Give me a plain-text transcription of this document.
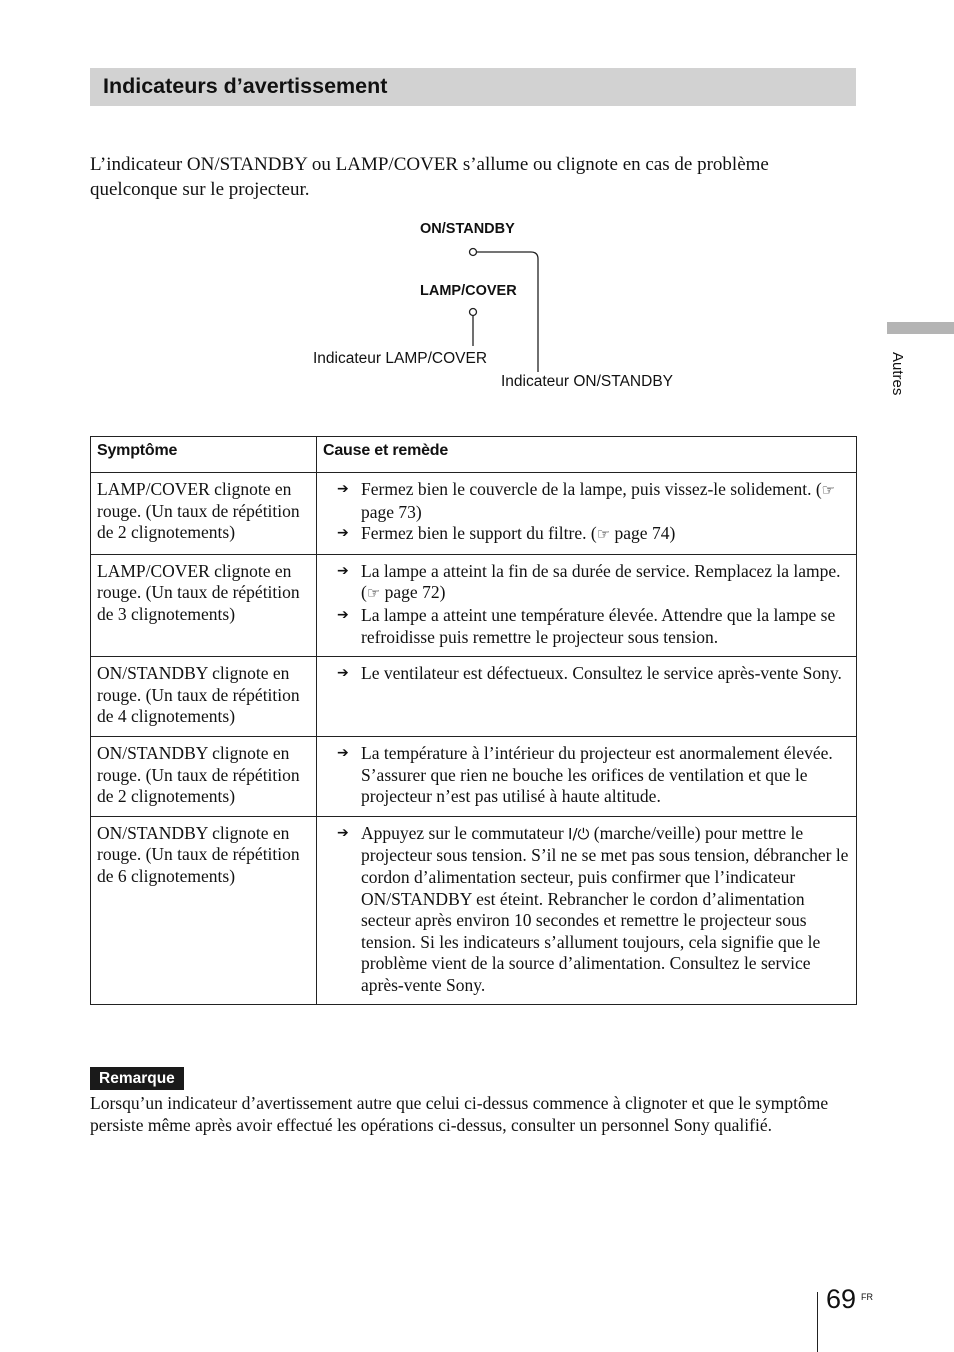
Indicateurs d’avertissement

L’indicateur ON/STANDBY ou LAMP/COVER s’allume ou clignote en cas de problème quelconque sur le projecteur.

ON/STANDBY
LAMP/COVER
Indicateur LAMP/COVER
Indicateur ON/STANDBY
Symptôme	Cause et remède
LAMP/COVER clignote en rouge. (Un taux de répétition de 2 clignotements)	➔ Fermez bien le couvercle de la lampe, puis vissez-le solidement. (☞ page 73)

➔ Fermez bien le support du filtre. (☞ page 74)

LAMP/COVER clignote en rouge. (Un taux de répétition de 3 clignotements)	➔ La lampe a atteint la fin de sa durée de service. Remplacez la lampe. (☞ page 72)

➔ La lampe a atteint une température élevée. Attendre que la lampe se refroidisse puis remettre le projecteur sous tension.

ON/STANDBY clignote en rouge. (Un taux de répétition de 4 clignotements)	➔ Le ventilateur est défectueux. Consultez le service après-vente Sony.

ON/STANDBY clignote en rouge. (Un taux de répétition de 2 clignotements)	➔ La température à l’intérieur du projecteur est anormalement élevée. S’assurer que rien ne bouche les orifices de ventilation et que le projecteur n’est pas utilisé à haute altitude.

ON/STANDBY clignote en rouge. (Un taux de répétition de 6 clignotements)	➔ Appuyez sur le commutateur I/⏻ (marche/veille) pour mettre le projecteur sous tension. S’il ne se met pas sous tension, débrancher le cordon d’alimentation secteur, puis confirmer que l’indicateur ON/STANDBY est éteint. Rebrancher le cordon d’alimentation secteur après environ 10 secondes et remettre le projecteur sous tension. Si les indicateurs s’allument toujours, cela signifie que le problème vient de la source d’alimentation. Consultez le service après-vente Sony.

Remarque

Lorsqu’un indicateur d’avertissement autre que celui ci-dessus commence à clignoter et que le symptôme persiste même après avoir effectué les opérations ci-dessus, consulter un personnel Sony qualifié.

Autres
69 FR
